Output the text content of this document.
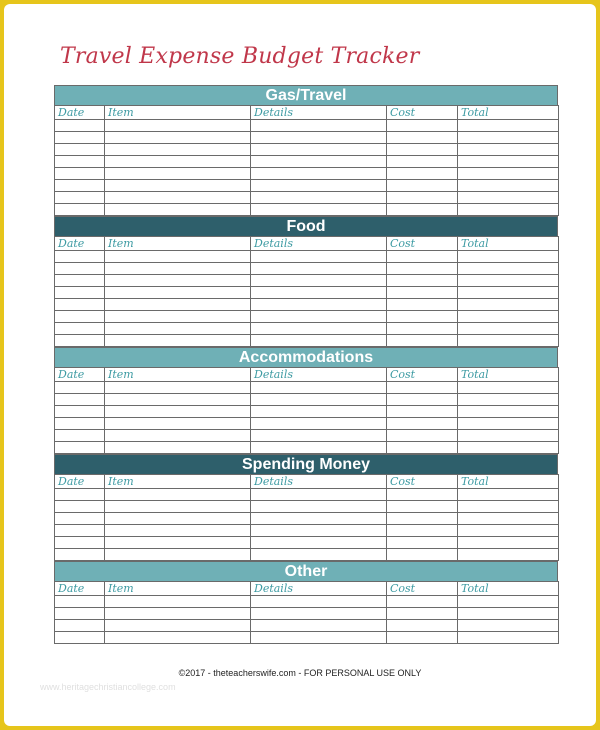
Travel Expense Budget Tracker
Gas/Travel
Date	Item	Details	Cost	Total

Food
Date	Item	Details	Cost	Total

Accommodations
Date	Item	Details	Cost	Total

Spending Money
Date	Item	Details	Cost	Total

Other
Date	Item	Details	Cost	Total

©2017 - theteacherswife.com - FOR PERSONAL USE ONLY
www.heritagechristiancollege.com
